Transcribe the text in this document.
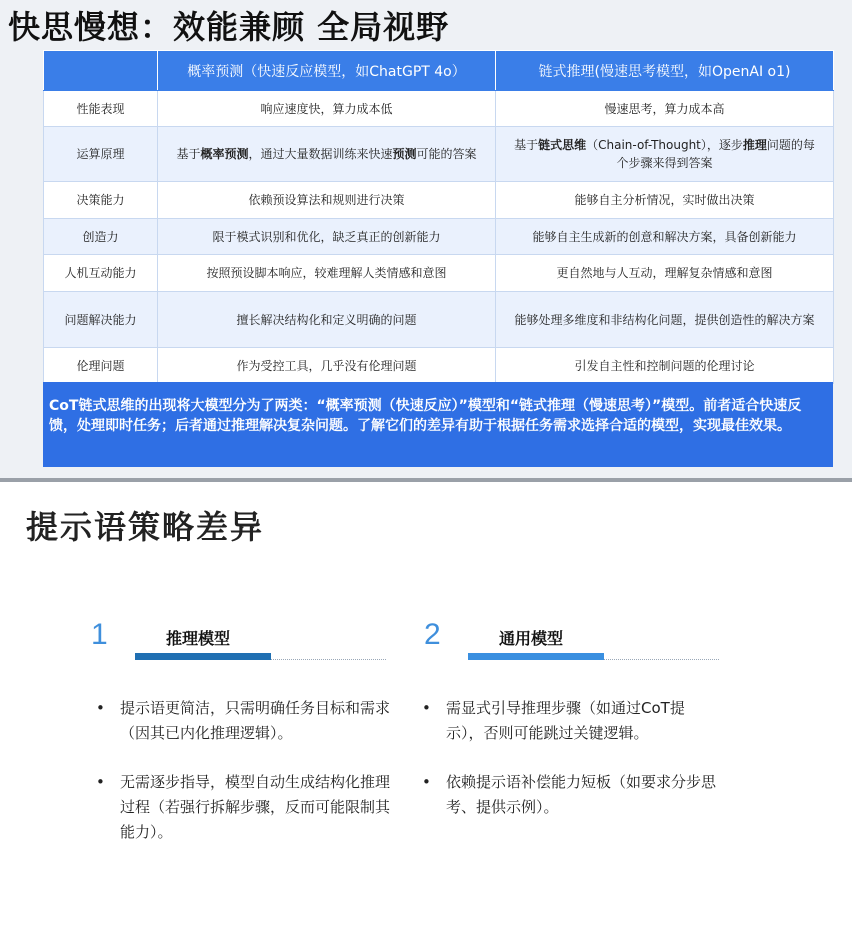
快思慢想：效能兼顾 全局视野
	概率预测（快速反应模型，如ChatGPT 4o）	链式推理(慢速思考模型，如OpenAI o1)
性能表现	响应速度快，算力成本低	慢速思考，算力成本高
运算原理	基于概率预测，通过大量数据训练来快速预测可能的答案	基于链式思维（Chain-of-Thought），逐步推理问题的每个步骤来得到答案
决策能力	依赖预设算法和规则进行决策	能够自主分析情况，实时做出决策
创造力	限于模式识别和优化，缺乏真正的创新能力	能够自主生成新的创意和解决方案，具备创新能力
人机互动能力	按照预设脚本响应，较难理解人类情感和意图	更自然地与人互动，理解复杂情感和意图
问题解决能力	擅长解决结构化和定义明确的问题	能够处理多维度和非结构化问题，提供创造性的解决方案
伦理问题	作为受控工具，几乎没有伦理问题	引发自主性和控制问题的伦理讨论
CoT链式思维的出现将大模型分为了两类：“概率预测（快速反应）”模型和“链式推理（慢速思考）”模型。前者适合快速反馈，处理即时任务；后者通过推理解决复杂问题。了解它们的差异有助于根据任务需求选择合适的模型，实现最佳效果。
提示语策略差异
1	推理模型	2	通用模型
• 提示语更简洁，只需明确任务目标和需求（因其已内化推理逻辑）。
• 无需逐步指导，模型自动生成结构化推理过程（若强行拆解步骤，反而可能限制其能力）。
• 需显式引导推理步骤（如通过CoT提示），否则可能跳过关键逻辑。
• 依赖提示语补偿能力短板（如要求分步思考、提供示例）。
